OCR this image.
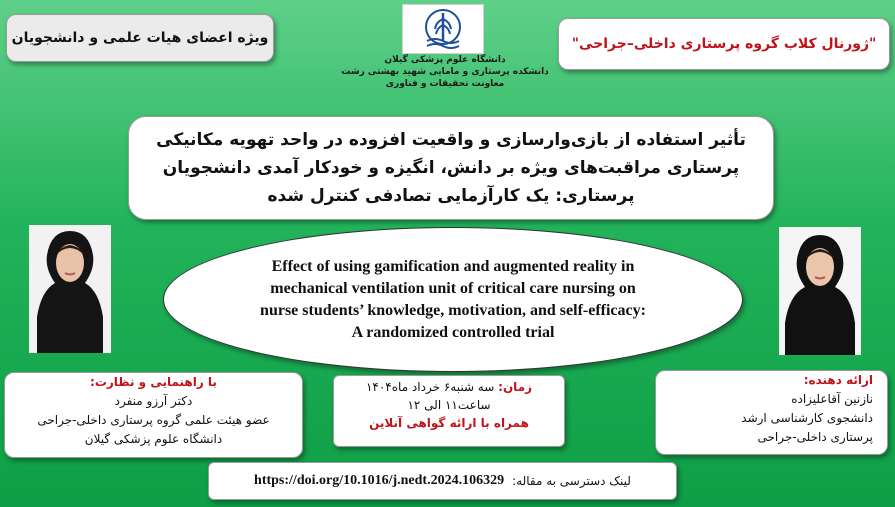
ویژه اعضای هیات علمی و دانشجویان	"ژورنال کلاب گروه پرستاری داخلی–جراحی"
دانشگاه علوم پزشکی گیلان
دانشکده پرستاری و مامایی شهید بهشتی رشت
معاونت تحقیقات و فناوری
تأثیر استفاده از بازی‌وارسازی و واقعیت افزوده در واحد تهویه مکانیکی پرستاری مراقبت‌های ویژه بر دانش، انگیزه و خودکار آمدی دانشجویان پرستاری: یک کارآزمایی تصادفی کنترل شده
Effect of using gamification and augmented reality in mechanical ventilation unit of critical care nursing on nurse students’ knowledge, motivation, and self-efficacy: A randomized controlled trial
با راهنمایی و نظارت:
دکتر آرزو منفرد
عضو هیئت علمی گروه پرستاری داخلی-جراحی
دانشگاه علوم پزشکی گیلان
زمان: سه شنبه۶ خرداد ماه۱۴۰۴
ساعت۱۱ الی ۱۲
همراه با ارائه گواهی آنلاین
ارائه دهنده:
نازنین آقاعلیزاده
دانشجوی کارشناسی ارشد
پرستاری داخلی-جراحی
https://doi.org/10.1016/j.nedt.2024.106329 لینک دسترسی به مقاله:
